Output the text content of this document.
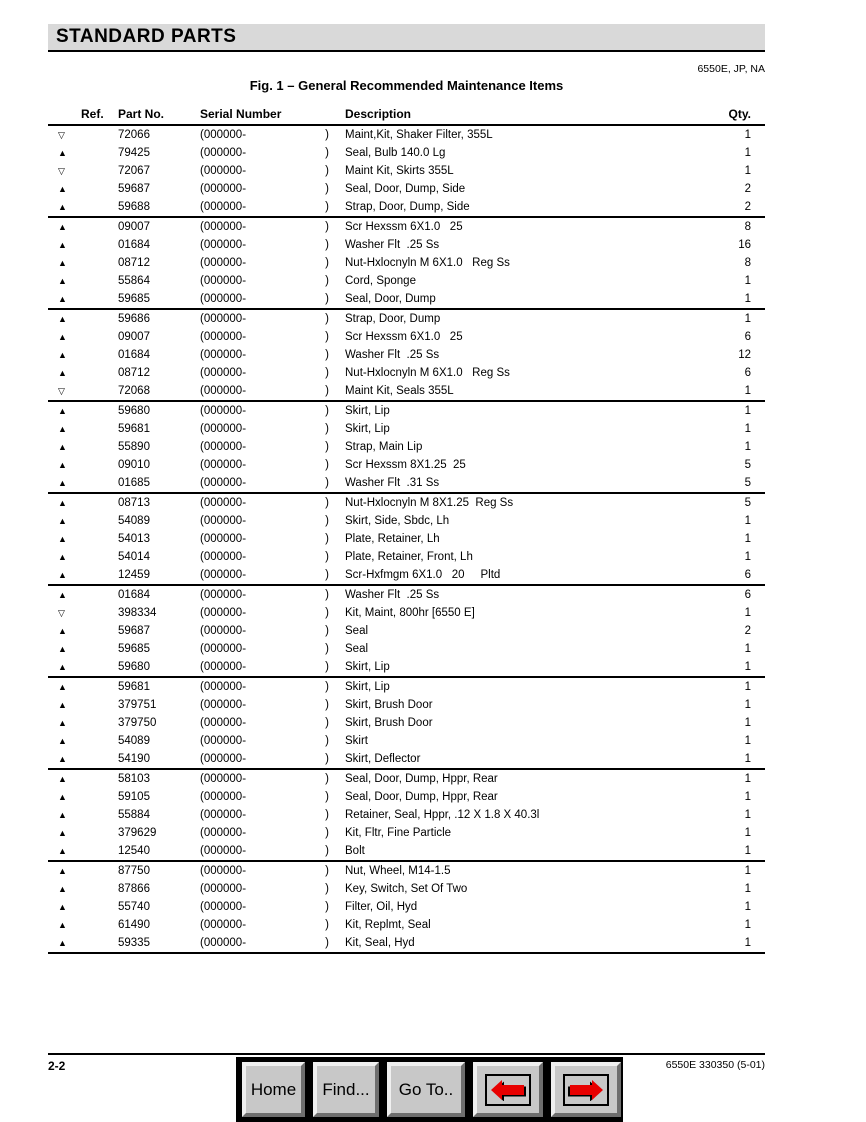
STANDARD PARTS
6550E, JP, NA
Fig. 1 – General Recommended Maintenance Items
Ref.	Part No.	Serial Number	Description	Qty.
▽	72066	(000000-	) Maint,Kit, Shaker Filter, 355L	1
▲	79425	(000000-	) Seal, Bulb 140.0 Lg	1
▽	72067	(000000-	) Maint Kit, Skirts 355L	1
▲	59687	(000000-	) Seal, Door, Dump, Side	2
▲	59688	(000000-	) Strap, Door, Dump, Side	2
▲	09007	(000000-	) Scr Hexssm 6X1.0   25	8
▲	01684	(000000-	) Washer Flt  .25 Ss	16
▲	08712	(000000-	) Nut-Hxlocnyln M 6X1.0   Reg Ss	8
▲	55864	(000000-	) Cord, Sponge	1
▲	59685	(000000-	) Seal, Door, Dump	1
▲	59686	(000000-	) Strap, Door, Dump	1
▲	09007	(000000-	) Scr Hexssm 6X1.0   25	6
▲	01684	(000000-	) Washer Flt  .25 Ss	12
▲	08712	(000000-	) Nut-Hxlocnyln M 6X1.0   Reg Ss	6
▽	72068	(000000-	) Maint Kit, Seals 355L	1
▲	59680	(000000-	) Skirt, Lip	1
▲	59681	(000000-	) Skirt, Lip	1
▲	55890	(000000-	) Strap, Main Lip	1
▲	09010	(000000-	) Scr Hexssm 8X1.25  25	5
▲	01685	(000000-	) Washer Flt  .31 Ss	5
▲	08713	(000000-	) Nut-Hxlocnyln M 8X1.25  Reg Ss	5
▲	54089	(000000-	) Skirt, Side, Sbdc, Lh	1
▲	54013	(000000-	) Plate, Retainer, Lh	1
▲	54014	(000000-	) Plate, Retainer, Front, Lh	1
▲	12459	(000000-	) Scr-Hxfmgm 6X1.0   20     Pltd	6
▲	01684	(000000-	) Washer Flt  .25 Ss	6
▽	398334	(000000-	) Kit, Maint, 800hr [6550 E]	1
▲	59687	(000000-	) Seal	2
▲	59685	(000000-	) Seal	1
▲	59680	(000000-	) Skirt, Lip	1
▲	59681	(000000-	) Skirt, Lip	1
▲	379751	(000000-	) Skirt, Brush Door	1
▲	379750	(000000-	) Skirt, Brush Door	1
▲	54089	(000000-	) Skirt	1
▲	54190	(000000-	) Skirt, Deflector	1
▲	58103	(000000-	) Seal, Door, Dump, Hppr, Rear	1
▲	59105	(000000-	) Seal, Door, Dump, Hppr, Rear	1
▲	55884	(000000-	) Retainer, Seal, Hppr, .12 X 1.8 X 40.3l	1
▲	379629	(000000-	) Kit, Fltr, Fine Particle	1
▲	12540	(000000-	) Bolt	1
▲	87750	(000000-	) Nut, Wheel, M14-1.5	1
▲	87866	(000000-	) Key, Switch, Set Of Two	1
▲	55740	(000000-	) Filter, Oil, Hyd	1
▲	61490	(000000-	) Kit, Replmt, Seal	1
▲	59335	(000000-	) Kit, Seal, Hyd	1
2-2	6550E 330350 (5-01)
Home Find... Go To..
